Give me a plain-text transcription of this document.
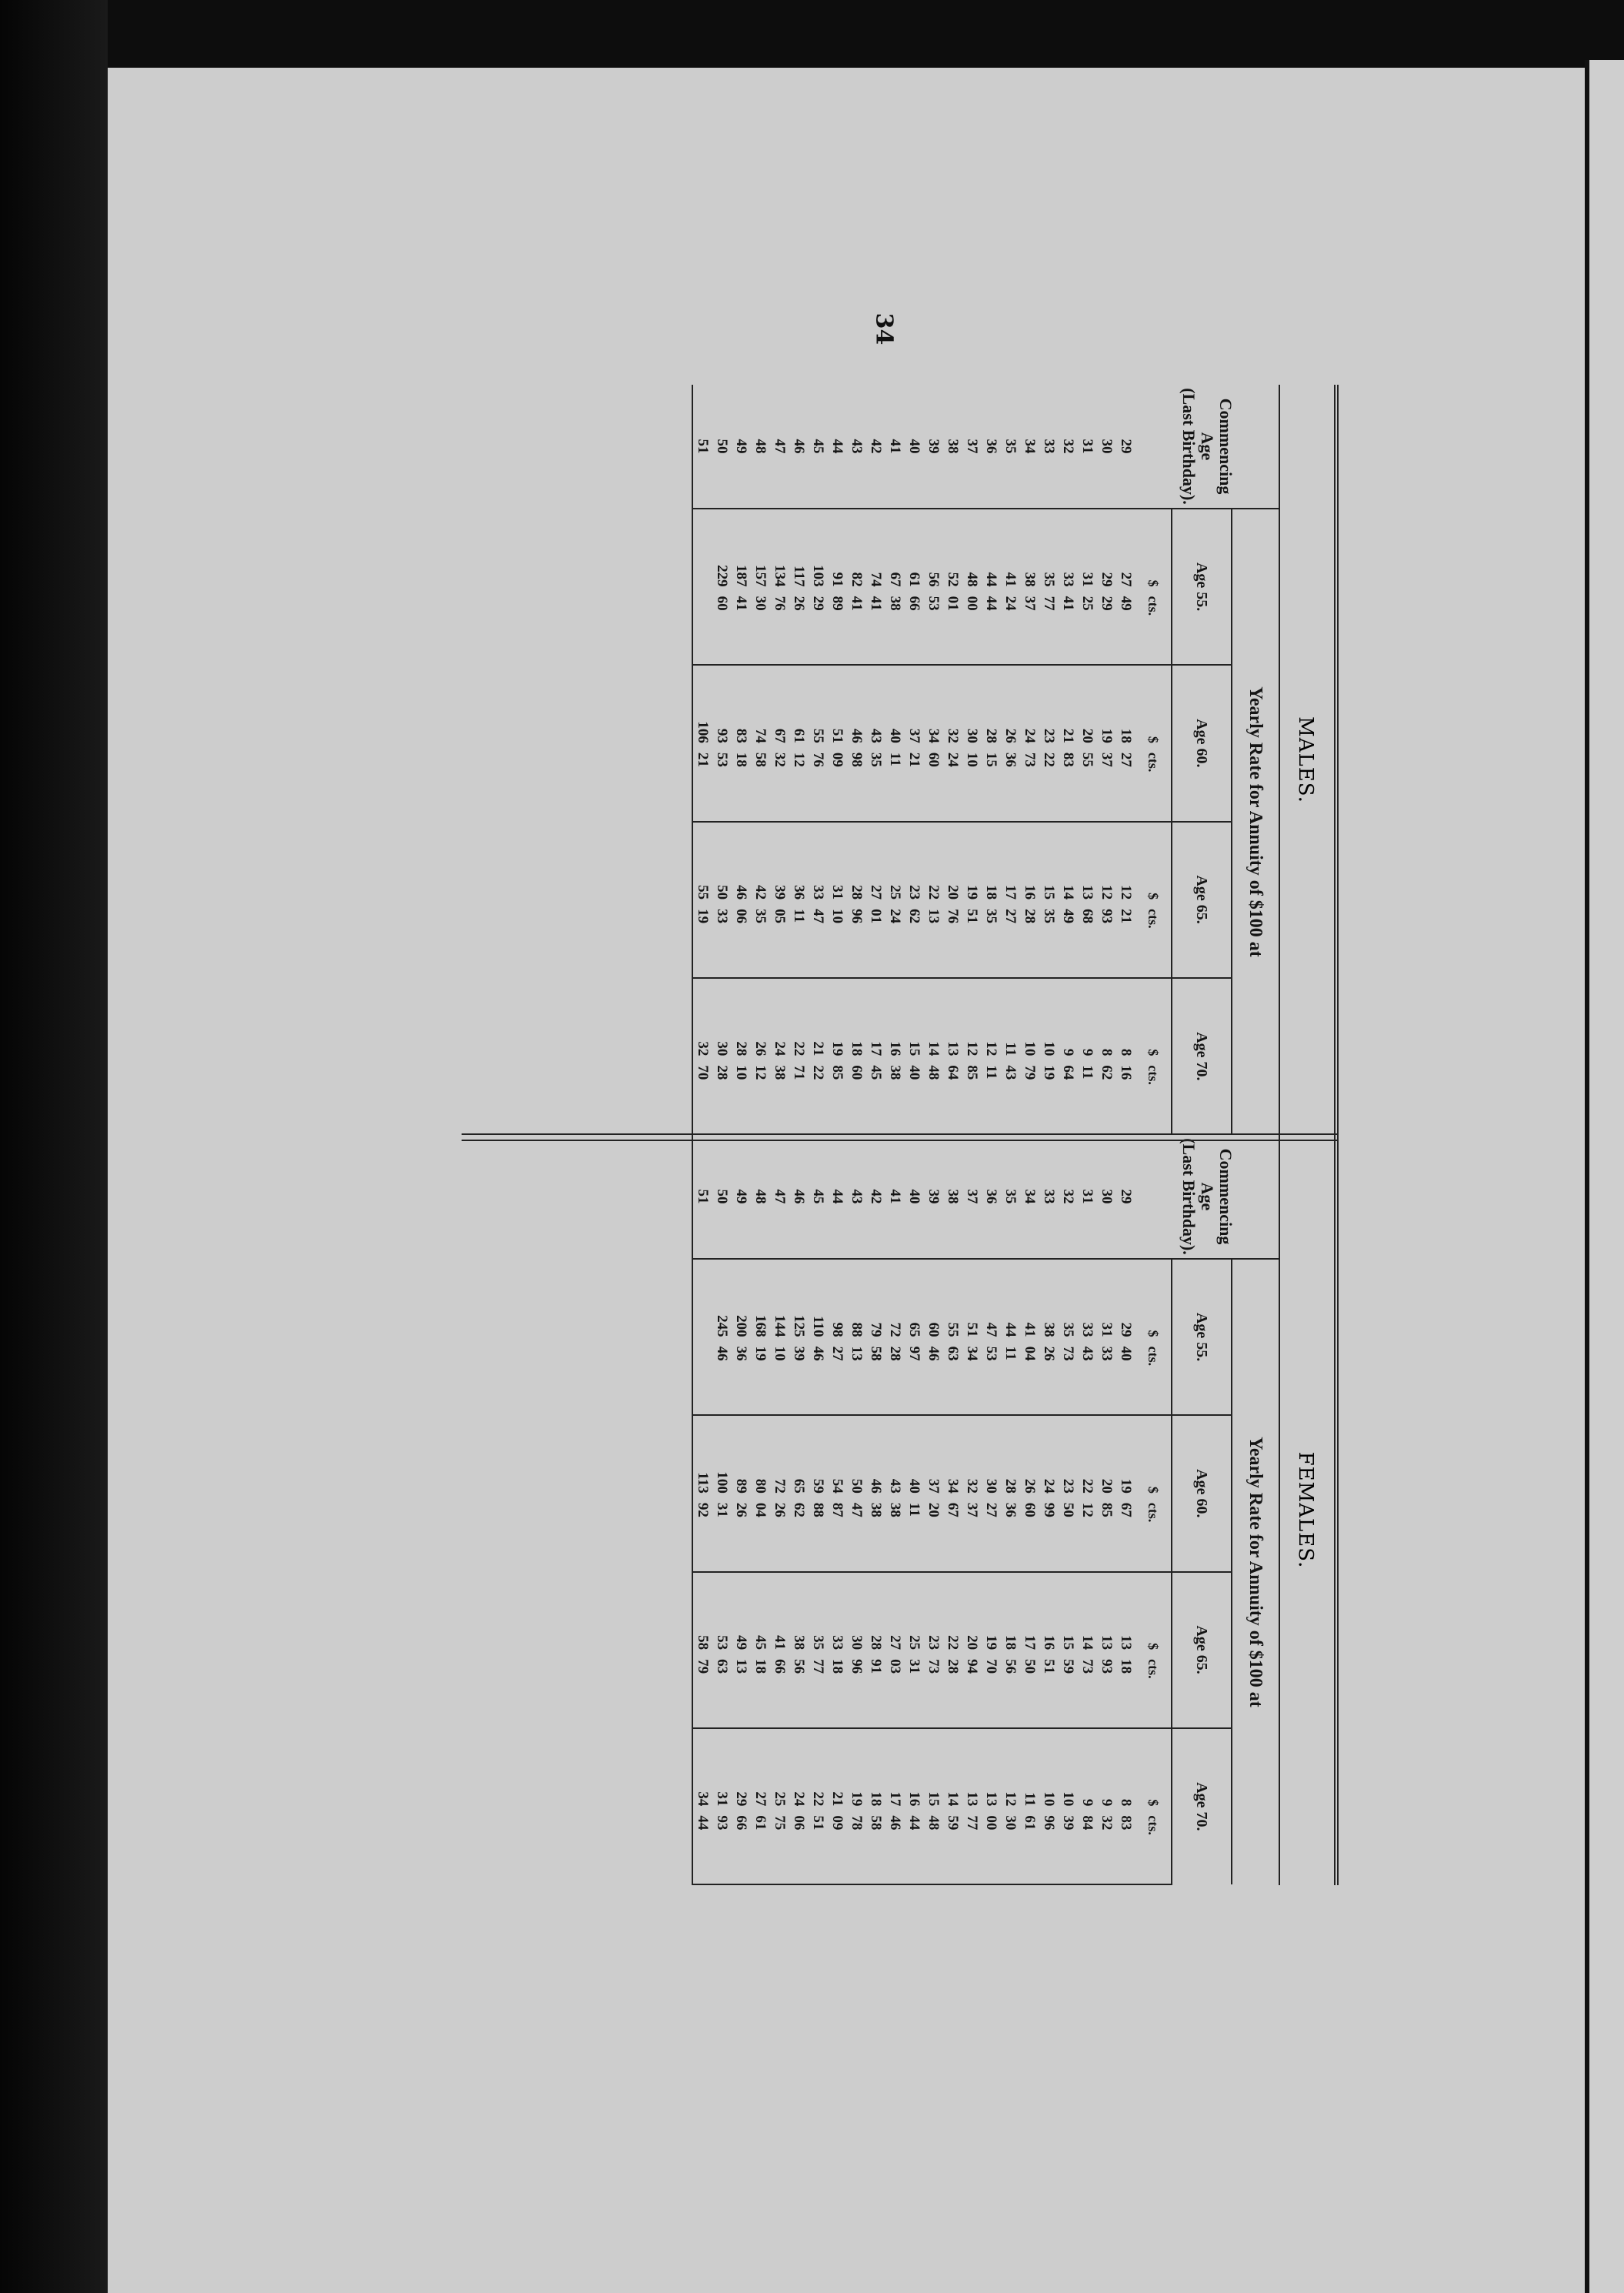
34
MALES.
Commencing
Age
(Last Birthday).	Yearly Rate for Annuity of $100 at			
	Age 55.	Age 60.	Age 65.	Age 70.
	$cts.	$cts.	$cts.	$cts.
29	2749	1827	1221	816
30	2929	1937	1293	862
31	3125	2055	1368	911
32	3341	2183	1449	964
33	3577	2322	1535	1019
34	3837	2473	1628	1079
35	4124	2636	1727	1143
36	4444	2815	1835	1211
37	4800	3010	1951	1285
38	5201	3224	2076	1364
39	5653	3460	2213	1448
40	6166	3721	2362	1540
41	6738	4011	2524	1638
42	7441	4335	2701	1745
43	8241	4698	2896	1860
44	9189	5109	3110	1985
45	10329	5576	3347	2122
46	11726	6112	3611	2271
47	13476	6732	3905	2438
48	15730	7458	4235	2612
49	18741	8318	4606	2810
50	22960	9353	5033	3028
51		10621	5519	3270
FEMALES.
Commencing
Age
(Last Birthday).	Yearly Rate for Annuity of $100 at			
	Age 55.	Age 60.	Age 65.	Age 70.
	$cts.	$cts.	$cts.	$cts.
29	2940	1967	1318	883
30	3133	2085	1393	932
31	3343	2212	1473	984
32	3573	2350	1559	1039
33	3826	2499	1651	1096
34	4104	2660	1750	1161
35	4411	2836	1856	1230
36	4753	3027	1970	1300
37	5134	3237	2094	1377
38	5563	3467	2228	1459
39	6046	3720	2373	1548
40	6597	4011	2531	1644
41	7228	4338	2703	1746
42	7958	4638	2891	1858
43	8813	5047	3096	1978
44	9827	5487	3318	2109
45	11046	5988	3577	2251
46	12539	6562	3856	2406
47	14410	7226	4166	2575
48	16819	8004	4518	2761
49	20036	8926	4913	2966
50	24546	10031	5363	3193
51		11392	5879	3444
